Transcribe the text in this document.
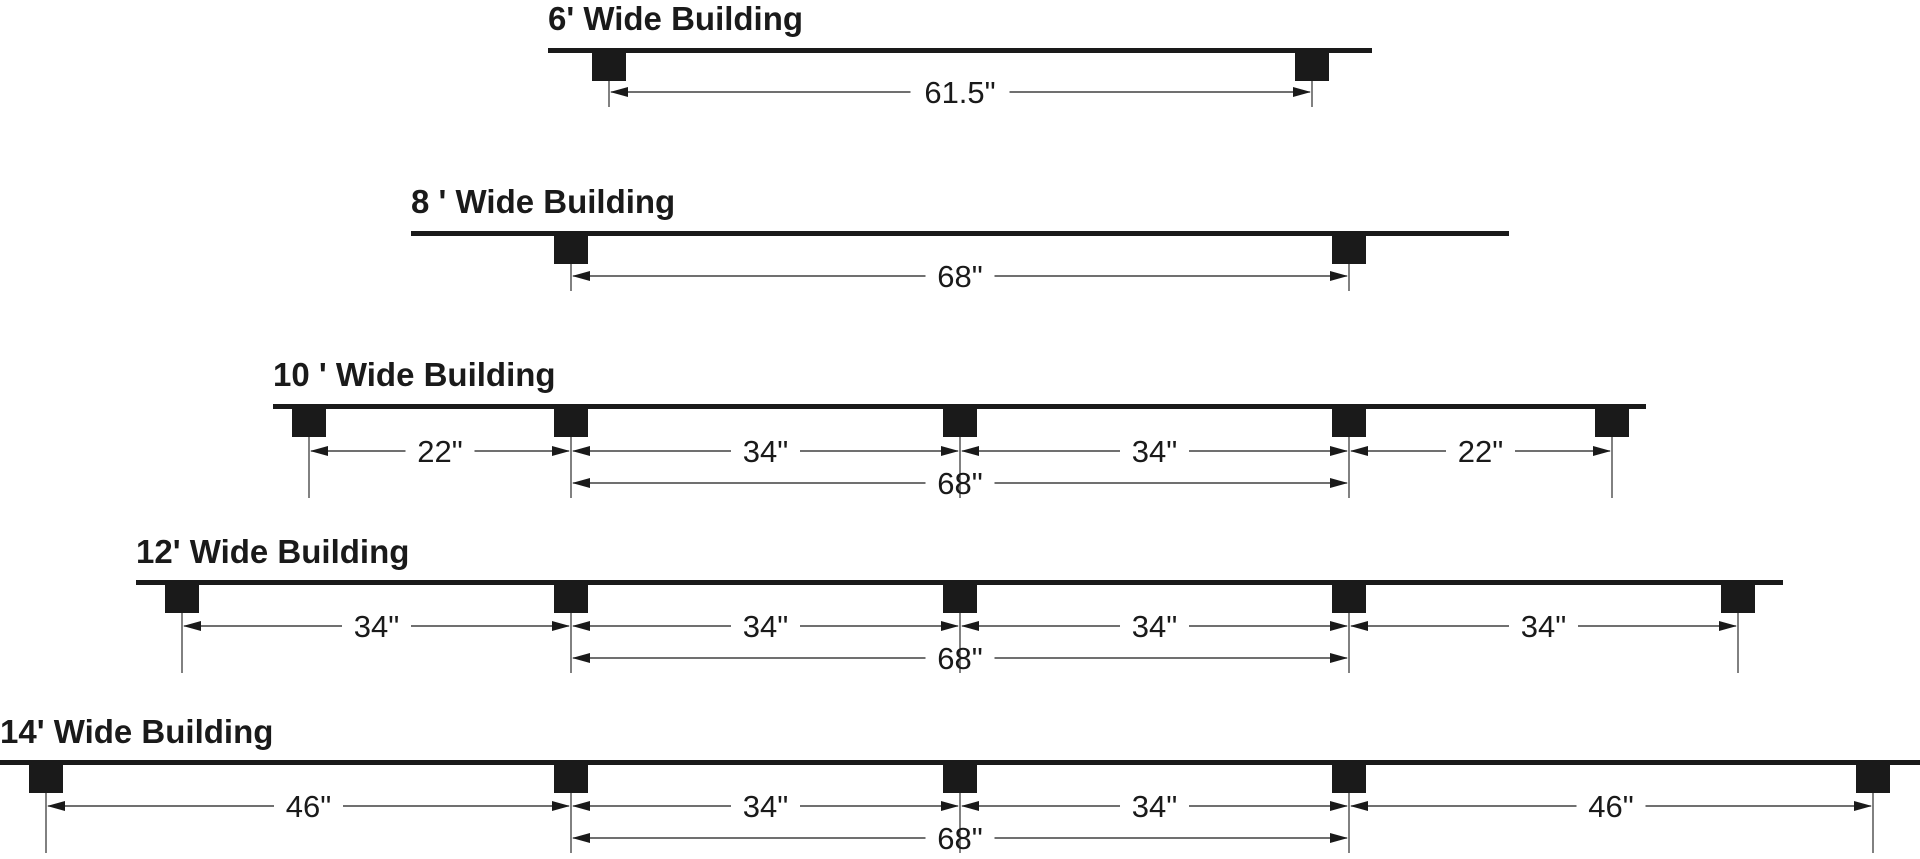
6' Wide Building
61.5"
8 ' Wide Building
68"
10 ' Wide Building
22"	34"	34"	22"
68"
12' Wide Building
34"	34"	34"	34"
68"
14' Wide Building
46"	34"	34"	46"
68"
